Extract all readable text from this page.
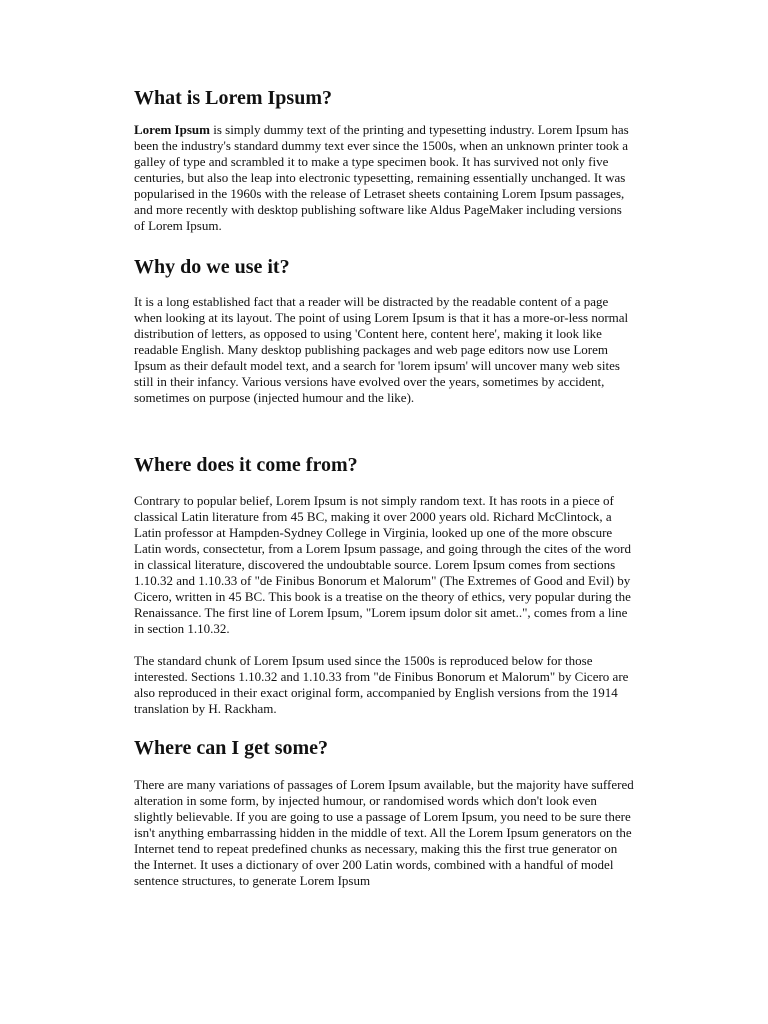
What is Lorem Ipsum?

Lorem Ipsum is simply dummy text of the printing and typesetting industry. Lorem Ipsum has been the industry's standard dummy text ever since the 1500s, when an unknown printer took a galley of type and scrambled it to make a type specimen book. It has survived not only five centuries, but also the leap into electronic typesetting, remaining essentially unchanged. It was popularised in the 1960s with the release of Letraset sheets containing Lorem Ipsum passages, and more recently with desktop publishing software like Aldus PageMaker including versions of Lorem Ipsum.

Why do we use it?

It is a long established fact that a reader will be distracted by the readable content of a page when looking at its layout. The point of using Lorem Ipsum is that it has a more-or-less normal distribution of letters, as opposed to using 'Content here, content here', making it look like readable English. Many desktop publishing packages and web page editors now use Lorem Ipsum as their default model text, and a search for 'lorem ipsum' will uncover many web sites still in their infancy. Various versions have evolved over the years, sometimes by accident, sometimes on purpose (injected humour and the like).

Where does it come from?

Contrary to popular belief, Lorem Ipsum is not simply random text. It has roots in a piece of classical Latin literature from 45 BC, making it over 2000 years old. Richard McClintock, a Latin professor at Hampden-Sydney College in Virginia, looked up one of the more obscure Latin words, consectetur, from a Lorem Ipsum passage, and going through the cites of the word in classical literature, discovered the undoubtable source. Lorem Ipsum comes from sections 1.10.32 and 1.10.33 of "de Finibus Bonorum et Malorum" (The Extremes of Good and Evil) by Cicero, written in 45 BC. This book is a treatise on the theory of ethics, very popular during the Renaissance. The first line of Lorem Ipsum, "Lorem ipsum dolor sit amet..", comes from a line in section 1.10.32.

The standard chunk of Lorem Ipsum used since the 1500s is reproduced below for those interested. Sections 1.10.32 and 1.10.33 from "de Finibus Bonorum et Malorum" by Cicero are also reproduced in their exact original form, accompanied by English versions from the 1914 translation by H. Rackham.

Where can I get some?

There are many variations of passages of Lorem Ipsum available, but the majority have suffered alteration in some form, by injected humour, or randomised words which don't look even slightly believable. If you are going to use a passage of Lorem Ipsum, you need to be sure there isn't anything embarrassing hidden in the middle of text. All the Lorem Ipsum generators on the Internet tend to repeat predefined chunks as necessary, making this the first true generator on the Internet. It uses a dictionary of over 200 Latin words, combined with a handful of model sentence structures, to generate Lorem Ipsum
